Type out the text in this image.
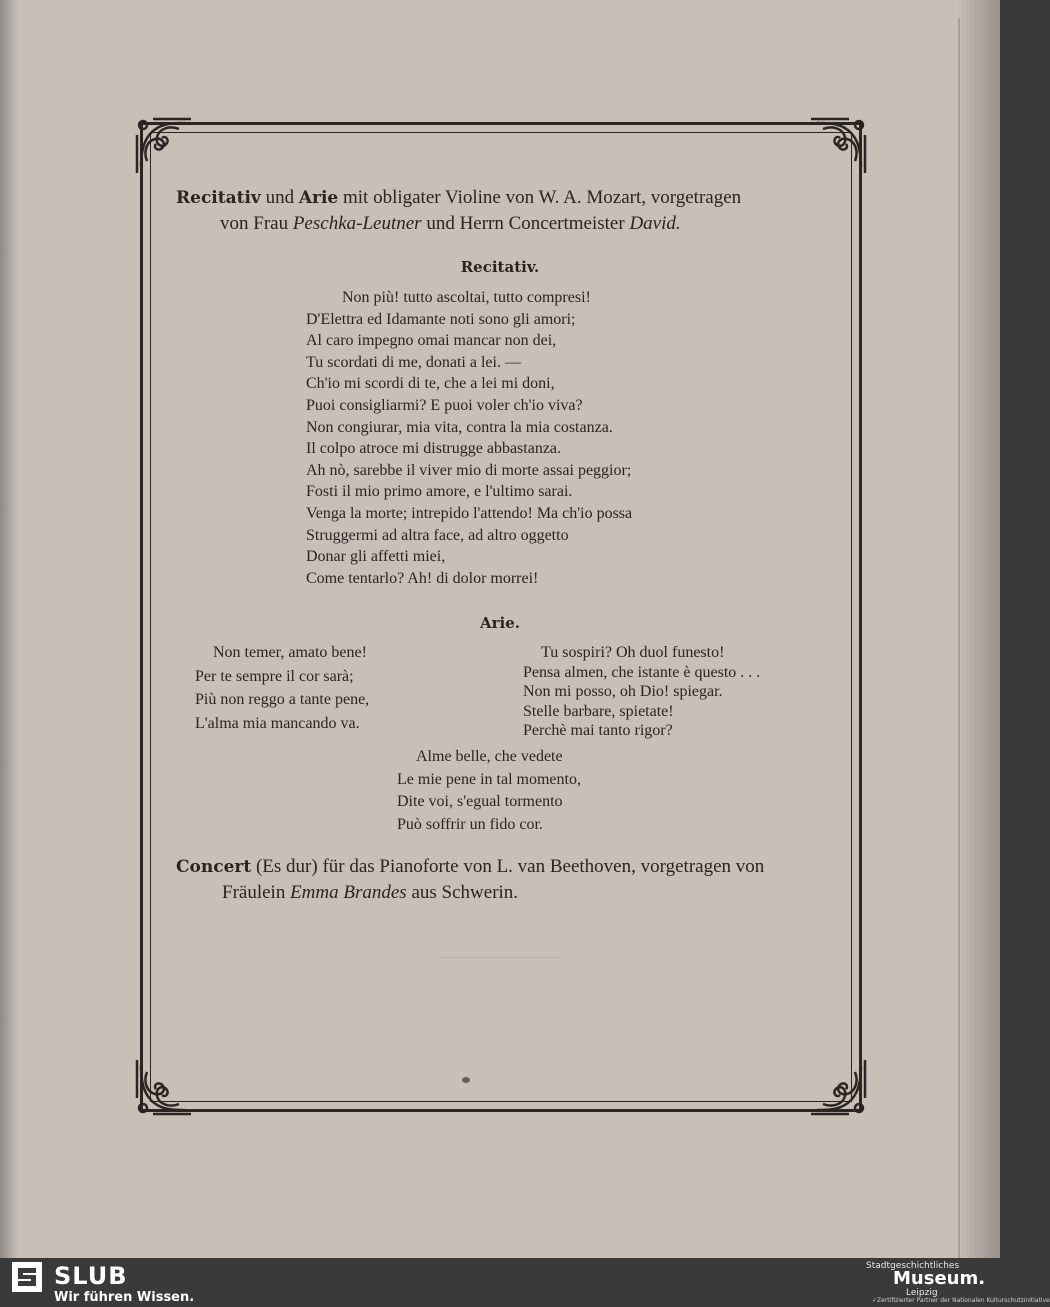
Recitativ und Arie mit obligater Violine von W. A. Mozart, vorgetragen
von Frau Peschka-Leutner und Herrn Concertmeister David.
Recitativ.
Non più! tutto ascoltai, tutto compresi!
D'Elettra ed Idamante noti sono gli amori;
Al caro impegno omai mancar non dei,
Tu scordati di me, donati a lei. —
Ch'io mi scordi di te, che a lei mi doni,
Puoi consigliarmi? E puoi voler ch'io viva?
Non congiurar, mia vita, contra la mia costanza.
Il colpo atroce mi distrugge abbastanza.
Ah nò, sarebbe il viver mio di morte assai peggior;
Fosti il mio primo amore, e l'ultimo sarai.
Venga la morte; intrepido l'attendo! Ma ch'io possa
Struggermi ad altra face, ad altro oggetto
Donar gli affetti miei,
Come tentarlo? Ah! di dolor morrei!
Arie.
Non temer, amato bene!
Per te sempre il cor sarà;
Più non reggo a tante pene,
L'alma mia mancando va.
Tu sospiri? Oh duol funesto!
Pensa almen, che istante è questo . . .
Non mi posso, oh Dio! spiegar.
Stelle barbare, spietate!
Perchè mai tanto rigor?
Alme belle, che vedete
Le mie pene in tal momento,
Dite voi, s'egual tormento
Può soffrir un fido cor.
Concert (Es dur) für das Pianoforte von L. van Beethoven, vorgetragen von
Fräulein Emma Brandes aus Schwerin.
SLUB
Wir führen Wissen.
Stadtgeschichtliches
Museum.
Leipzig
✓Zertifizierter Partner der Nationalen Kulturschutzinitiative
